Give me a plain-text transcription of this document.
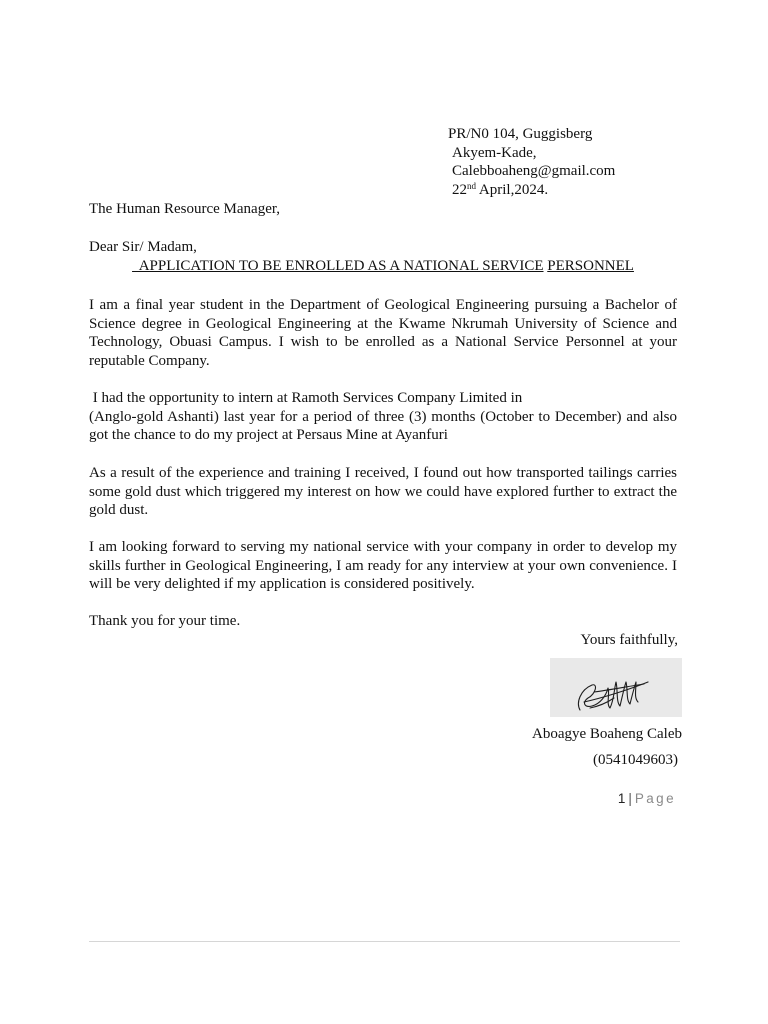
PR/N0 104, Guggisberg
Akyem-Kade,
Calebboaheng@gmail.com
22nd April,2024.
The Human Resource Manager,
Dear Sir/ Madam,
APPLICATION TO BE ENROLLED AS A NATIONAL SERVICE PERSONNEL
I am a final year student in the Department of Geological Engineering pursuing a Bachelor of Science degree in Geological Engineering at the Kwame Nkrumah University of Science and Technology, Obuasi Campus. I wish to be enrolled as a National Service Personnel at your reputable Company.
I had the opportunity to intern at Ramoth Services Company Limited in
(Anglo-gold Ashanti) last year for a period of three (3) months (October to December) and also got the chance to do my project at Persaus Mine at Ayanfuri
As a result of the experience and training I received, I found out how transported tailings carries some gold dust which triggered my interest on how we could have explored further to extract the gold dust.
I am looking forward to serving my national service with your company in order to develop my skills further in Geological Engineering, I am ready for any interview at your own convenience. I will be very delighted if my application is considered positively.
Thank you for your time.
Yours faithfully,
Aboagye Boaheng Caleb
(0541049603)
1 | Page
